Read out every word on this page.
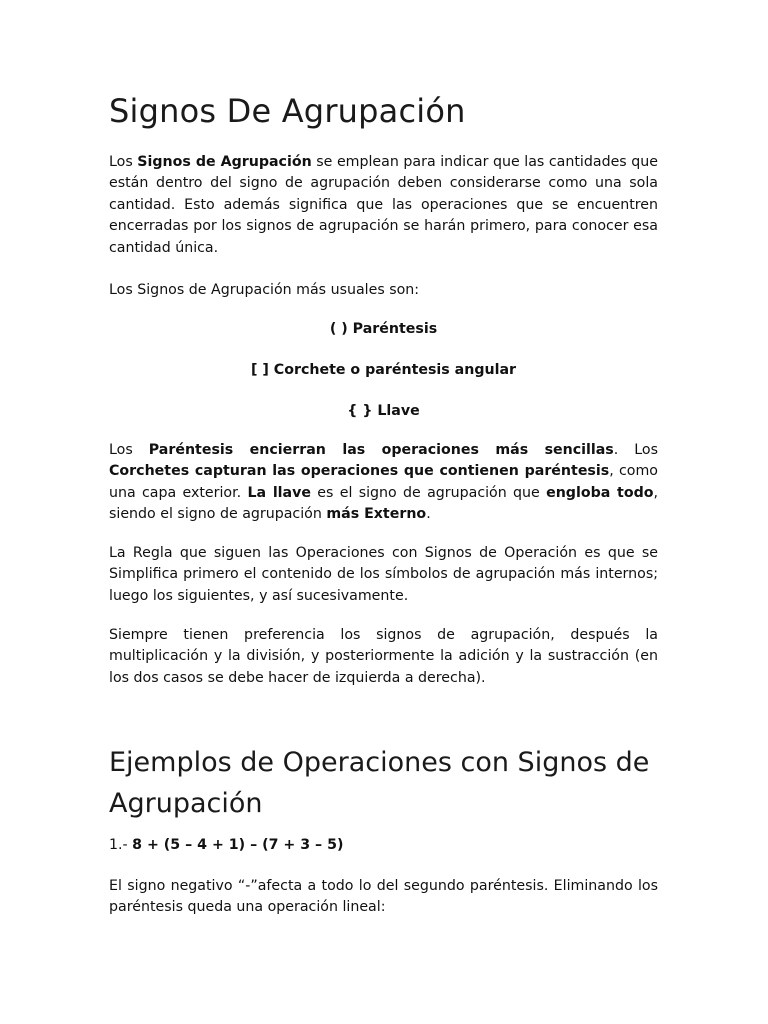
Signos De Agrupación

Los Signos de Agrupación se emplean para indicar que las cantidades que están dentro del signo de agrupación deben considerarse como una sola cantidad. Esto además significa que las operaciones que se encuentren encerradas por los signos de agrupación se harán primero, para conocer esa cantidad única.

Los Signos de Agrupación más usuales son:

( ) Paréntesis

[ ] Corchete o paréntesis angular

{ } Llave

Los Paréntesis encierran las operaciones más sencillas. Los Corchetes capturan las operaciones que contienen paréntesis, como una capa exterior. La llave es el signo de agrupación que engloba todo, siendo el signo de agrupación más Externo.

La Regla que siguen las Operaciones con Signos de Operación es que se Simplifica primero el contenido de los símbolos de agrupación más internos; luego los siguientes, y así sucesivamente.

Siempre tienen preferencia los signos de agrupación, después la multiplicación y la división, y posteriormente la adición y la sustracción (en los dos casos se debe hacer de izquierda a derecha).

Ejemplos de Operaciones con Signos de Agrupación

1.- 8 + (5 – 4 + 1) – (7 + 3 – 5)

El signo negativo “-”afecta a todo lo del segundo paréntesis. Eliminando los paréntesis queda una operación lineal:
